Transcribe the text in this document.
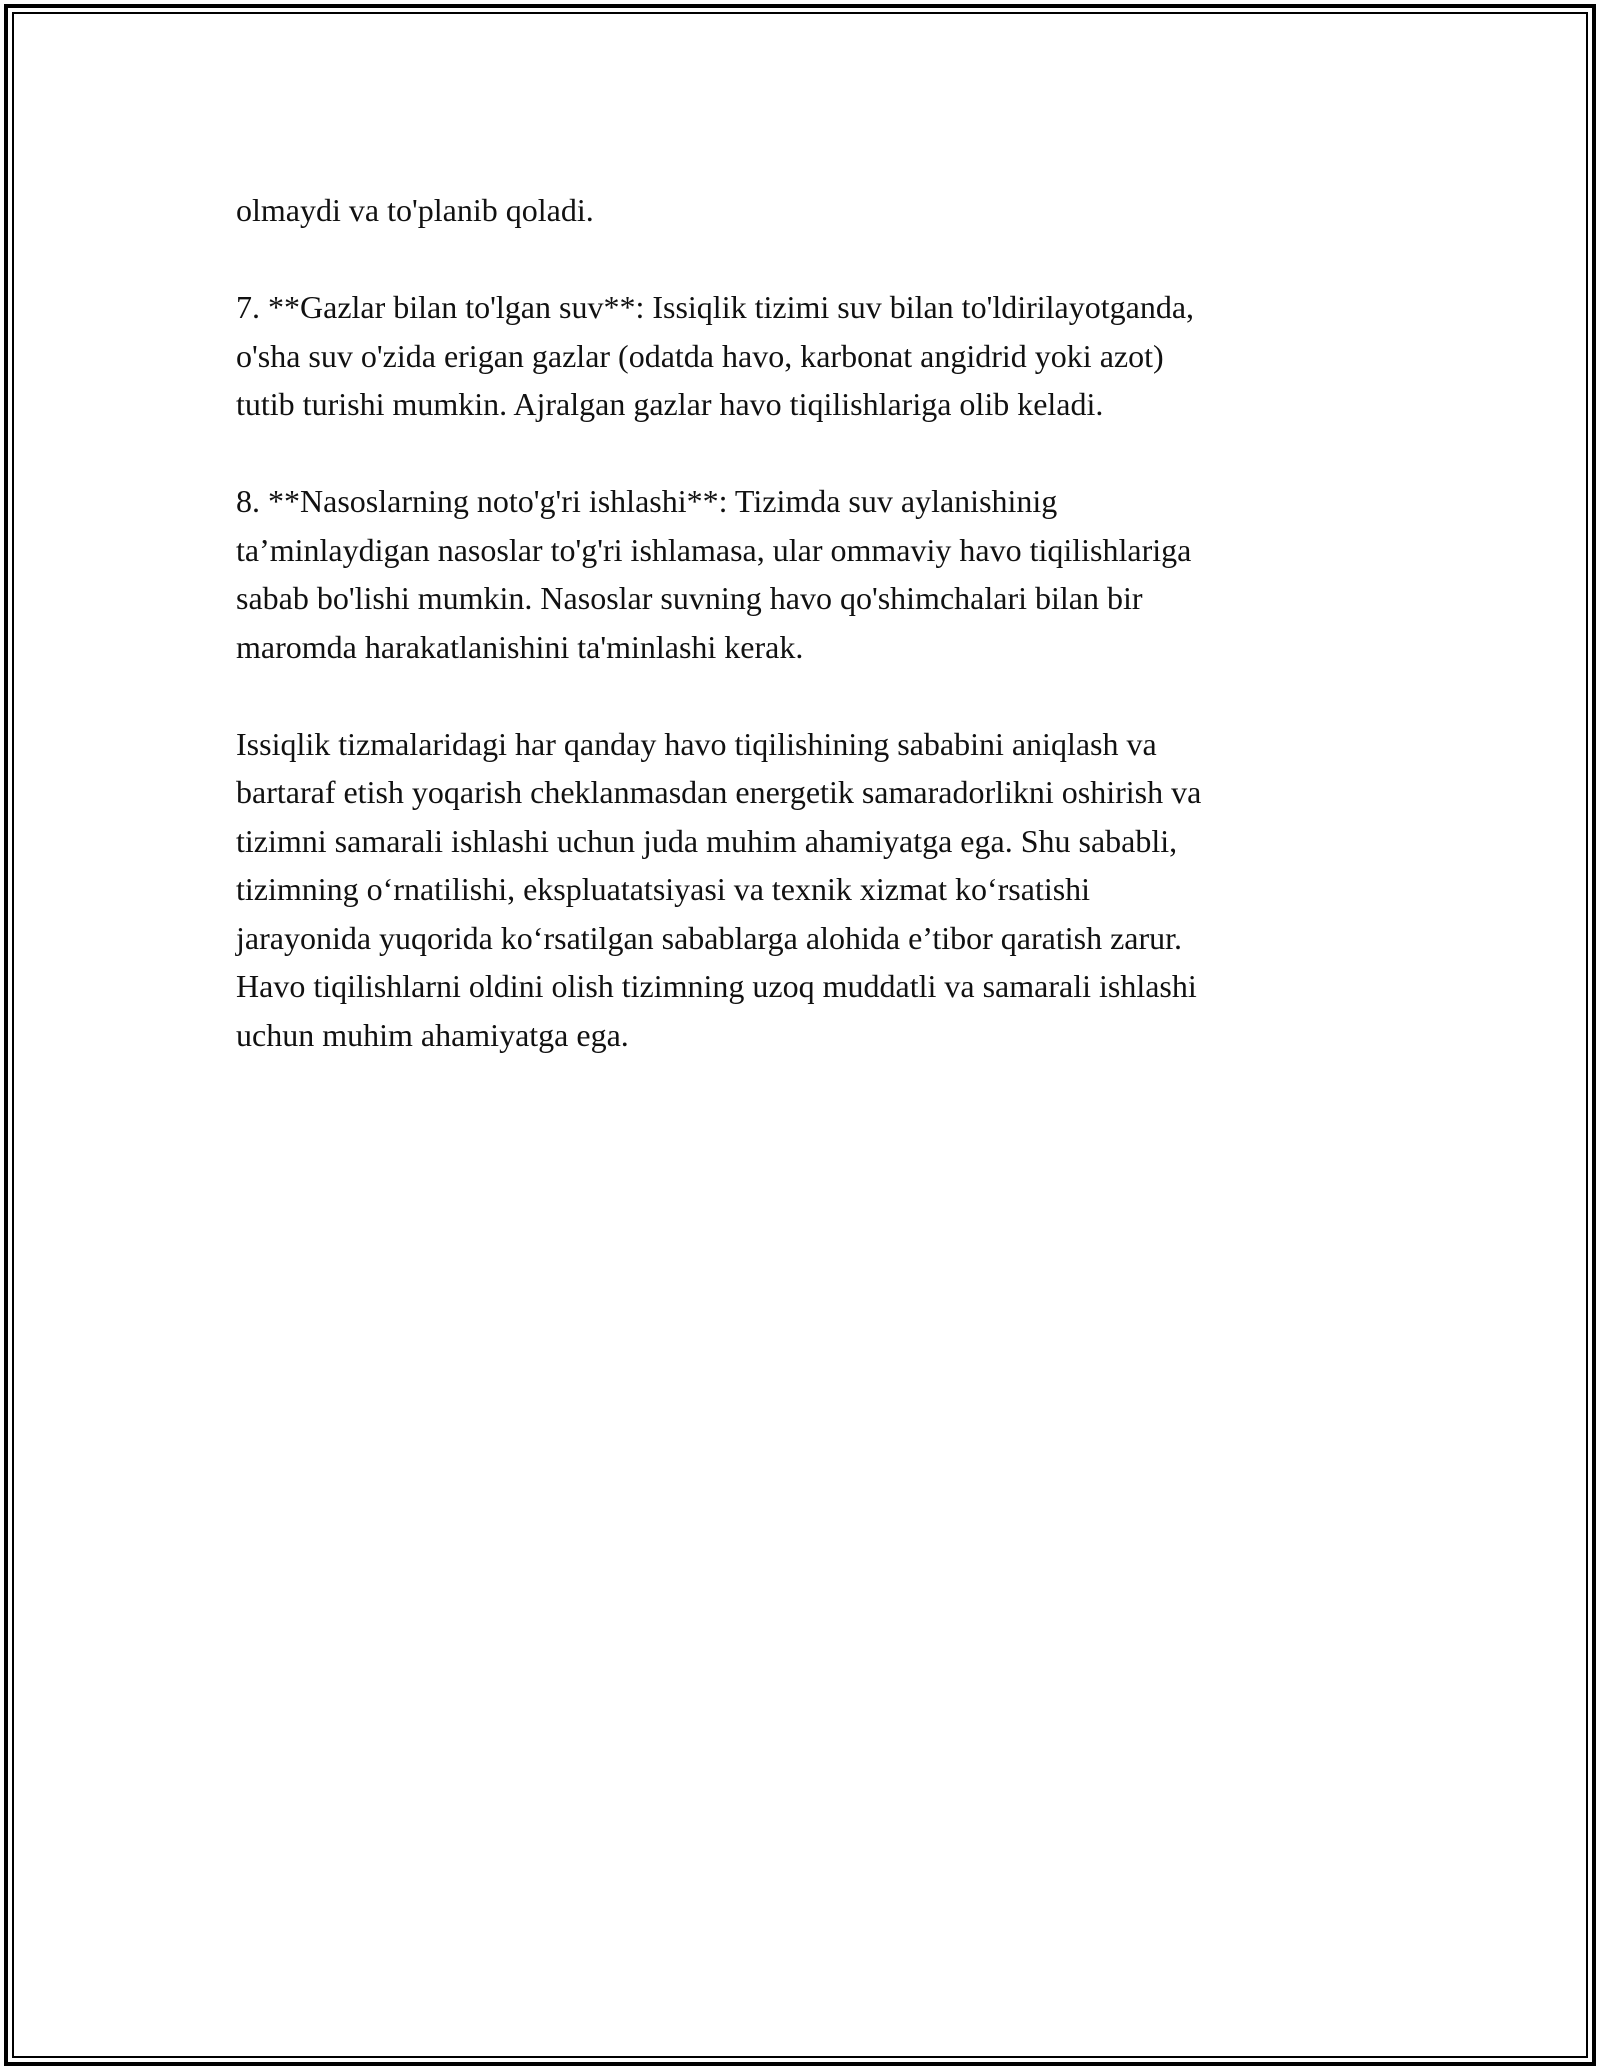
olmaydi va to'planib qoladi.

7. **Gazlar bilan to'lgan suv**: Issiqlik tizimi suv bilan to'ldirilayotganda,
o'sha suv o'zida erigan gazlar (odatda havo, karbonat angidrid yoki azot)
tutib turishi mumkin. Ajralgan gazlar havo tiqilishlariga olib keladi.

8. **Nasoslarning noto'g'ri ishlashi**: Tizimda suv aylanishinig
ta’minlaydigan nasoslar to'g'ri ishlamasa, ular ommaviy havo tiqilishlariga
sabab bo'lishi mumkin. Nasoslar suvning havo qo'shimchalari bilan bir
maromda harakatlanishini ta'minlashi kerak.

Issiqlik tizmalaridagi har qanday havo tiqilishining sababini aniqlash va
bartaraf etish yoqarish cheklanmasdan energetik samaradorlikni oshirish va
tizimni samarali ishlashi uchun juda muhim ahamiyatga ega. Shu sababli,
tizimning o‘rnatilishi, ekspluatatsiyasi va texnik xizmat ko‘rsatishi
jarayonida yuqorida ko‘rsatilgan sabablarga alohida e’tibor qaratish zarur.
Havo tiqilishlarni oldini olish tizimning uzoq muddatli va samarali ishlashi
uchun muhim ahamiyatga ega.
